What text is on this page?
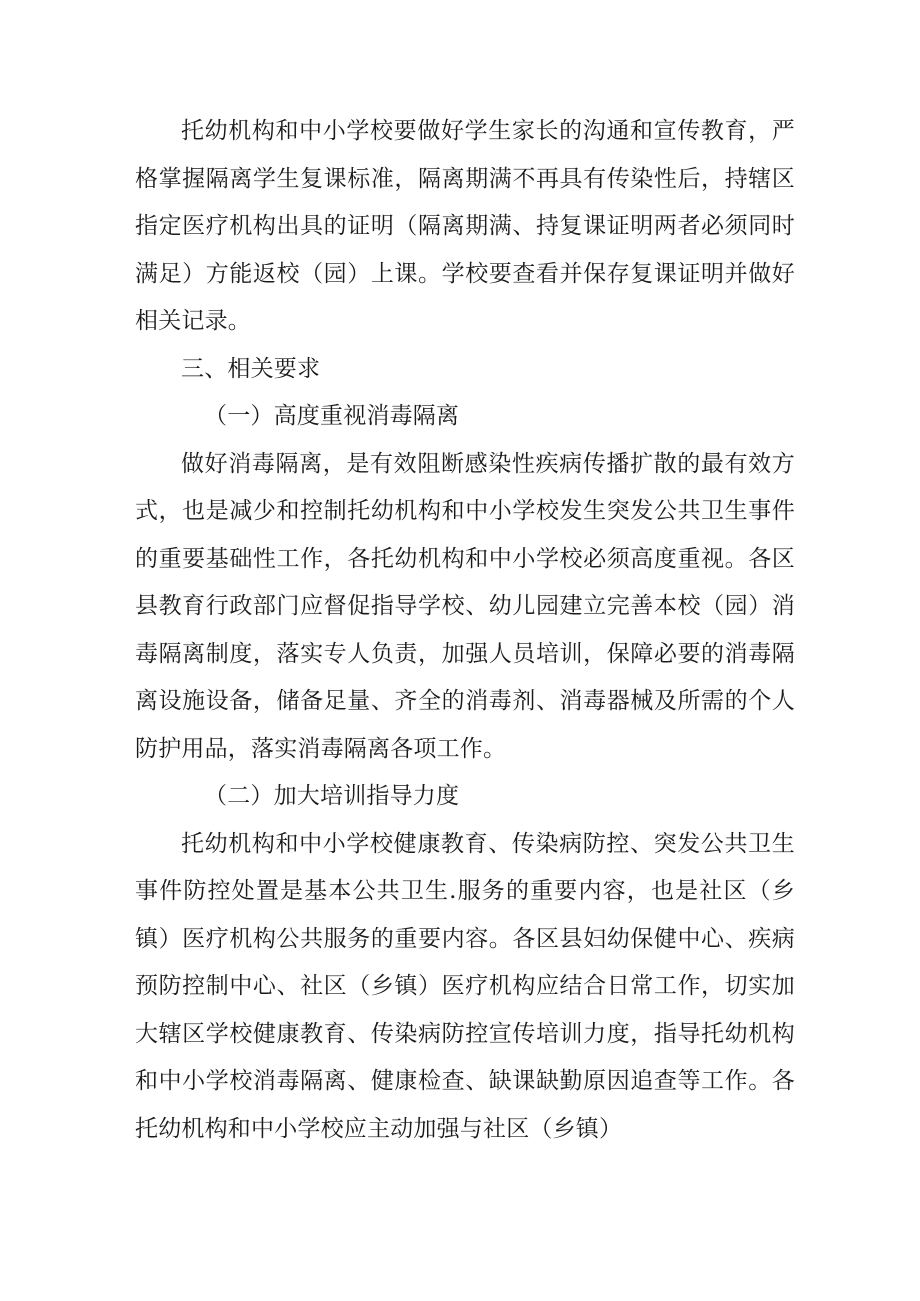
托幼机构和中小学校要做好学生家长的沟通和宣传教育，严格掌握隔离学生复课标准，隔离期满不再具有传染性后，持辖区指定医疗机构出具的证明（隔离期满、持复课证明两者必须同时满足）方能返校（园）上课。学校要查看并保存复课证明并做好相关记录。

三、相关要求

（一）高度重视消毒隔离

做好消毒隔离，是有效阻断感染性疾病传播扩散的最有效方式，也是减少和控制托幼机构和中小学校发生突发公共卫生事件的重要基础性工作，各托幼机构和中小学校必须高度重视。各区县教育行政部门应督促指导学校、幼儿园建立完善本校（园）消毒隔离制度，落实专人负责，加强人员培训，保障必要的消毒隔离设施设备，储备足量、齐全的消毒剂、消毒器械及所需的个人防护用品，落实消毒隔离各项工作。

（二）加大培训指导力度

托幼机构和中小学校健康教育、传染病防控、突发公共卫生事件防控处置是基本公共卫生.服务的重要内容，也是社区（乡镇）医疗机构公共服务的重要内容。各区县妇幼保健中心、疾病预防控制中心、社区（乡镇）医疗机构应结合日常工作，切实加大辖区学校健康教育、传染病防控宣传培训力度，指导托幼机构和中小学校消毒隔离、健康检查、缺课缺勤原因追查等工作。各托幼机构和中小学校应主动加强与社区（乡镇）
